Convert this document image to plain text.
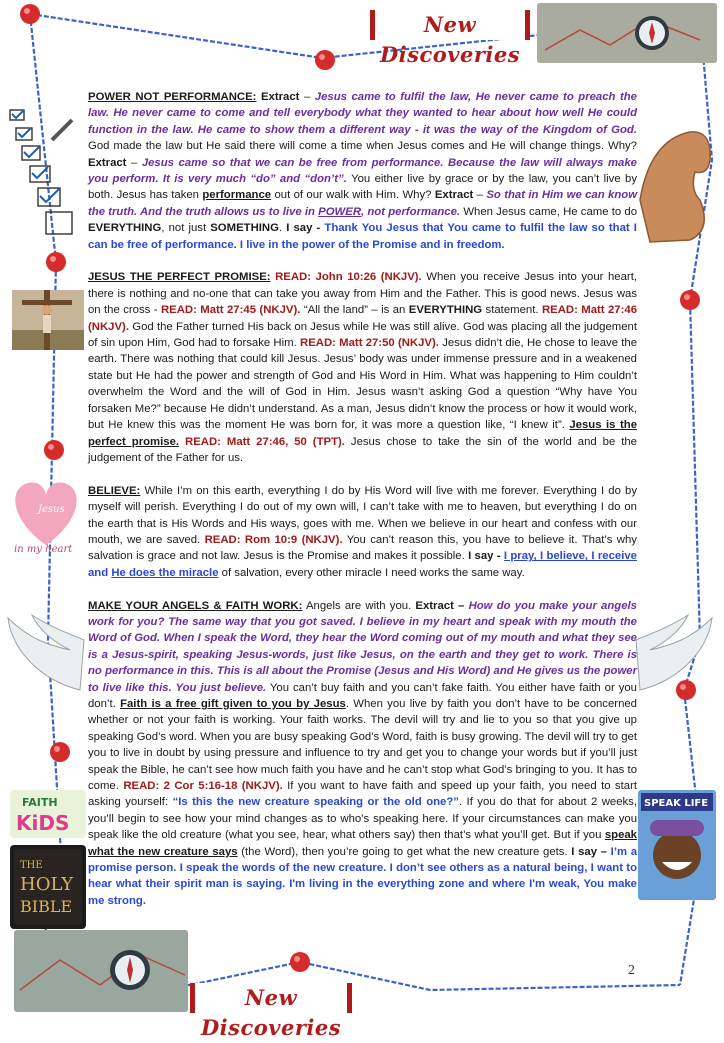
Jesus
in my heart
FAITH
KiDS
THE
HOLY
BIBLE
SPEAK LIFE
New Discoveries
New Discoveries
2

POWER NOT PERFORMANCE: Extract – Jesus came to fulfil the law, He never came to preach the law. He never came to come and tell everybody what they wanted to hear about how well He could function in the law. He came to show them a different way - it was the way of the Kingdom of God. God made the law but He said there will come a time when Jesus comes and He will change things. Why? Extract – Jesus came so that we can be free from performance. Because the law will always make you perform. It is very much “do” and “don’t”. You either live by grace or by the law, you can’t live by both. Jesus has taken performance out of our walk with Him. Why? Extract – So that in Him we can know the truth. And the truth allows us to live in POWER, not performance. When Jesus came, He came to do EVERYTHING, not just SOMETHING. I say - Thank You Jesus that You came to fulfil the law so that I can be free of performance. I live in the power of the Promise and in freedom.

JESUS THE PERFECT PROMISE: READ: John 10:26 (NKJV). When you receive Jesus into your heart, there is nothing and no-one that can take you away from Him and the Father. This is good news. Jesus was on the cross - READ: Matt 27:45 (NKJV). “All the land” – is an EVERYTHING statement. READ: Matt 27:46 (NKJV). God the Father turned His back on Jesus while He was still alive. God was placing all the judgement of sin upon Him, God had to forsake Him. READ: Matt 27:50 (NKJV). Jesus didn’t die, He chose to leave the earth. There was nothing that could kill Jesus. Jesus’ body was under immense pressure and in a weakened state but He had the power and strength of God and His Word in Him. What was happening to Him couldn’t overwhelm the Word and the will of God in Him. Jesus wasn’t asking God a question “Why have You forsaken Me?” because He didn’t understand. As a man, Jesus didn’t know the process or how it would work, but He knew this was the moment He was born for, it was more a question like, “I knew it”. Jesus is the perfect promise. READ: Matt 27:46, 50 (TPT). Jesus chose to take the sin of the world and be the judgement of the Father for us.

BELIEVE: While I’m on this earth, everything I do by His Word will live with me forever. Everything I do by myself will perish. Everything I do out of my own will, I can’t take with me to heaven, but everything I do on the earth that is His Words and His ways, goes with me. When we believe in our heart and confess with our mouth, we are saved. READ: Rom 10:9 (NKJV). You can’t reason this, you have to believe it. That’s why salvation is grace and not law. Jesus is the Promise and makes it possible. I say - I pray, I believe, I receive and He does the miracle of salvation, every other miracle I need works the same way.

MAKE YOUR ANGELS & FAITH WORK: Angels are with you. Extract – How do you make your angels work for you? The same way that you got saved. I believe in my heart and speak with my mouth the Word of God. When I speak the Word, they hear the Word coming out of my mouth and what they see is a Jesus-spirit, speaking Jesus-words, just like Jesus, on the earth and they get to work. There is no performance in this. This is all about the Promise (Jesus and His Word) and He gives us the power to live like this. You just believe. You can’t buy faith and you can’t fake faith. You either have faith or you don’t. Faith is a free gift given to you by Jesus. When you live by faith you don’t have to be concerned whether or not your faith is working. Your faith works. The devil will try and lie to you so that you give up speaking God’s word. When you are busy speaking God’s Word, faith is busy growing. The devil will try to get you to live in doubt by using pressure and influence to try and get you to change your words but if you’ll just speak the Bible, he can’t see how much faith you have and he can’t stop what God’s bringing to you. It has to come. READ: 2 Cor 5:16-18 (NKJV). If you want to have faith and speed up your faith, you need to start asking yourself: “Is this the new creature speaking or the old one?”. If you do that for about 2 weeks, you’ll begin to see how your mind changes as to who’s speaking here. If your circumstances can make you speak like the old creature (what you see, hear, what others say) then that’s what you’ll get. But if you speak what the new creature says (the Word), then you’re going to get what the new creature gets. I say – I’m a promise person. I speak the words of the new creature. I don’t see others as a natural being, I want to hear what their spirit man is saying. I'm living in the everything zone and where I'm weak, You make me strong.
